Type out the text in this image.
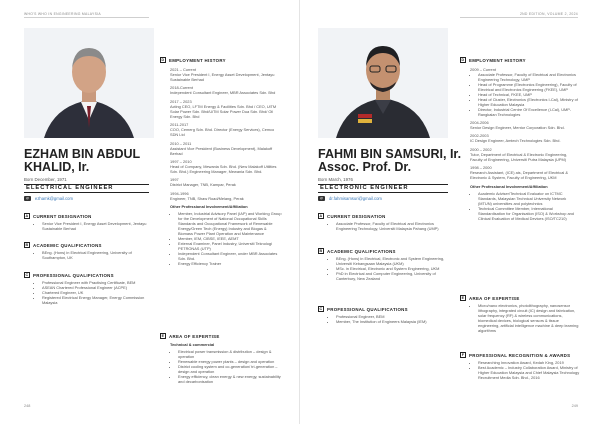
WHO'S WHO IN ENGINEERING MALAYSIA
EZHAM BIN ABDUL
KHALID, Ir.
Born December, 1971
ELECTRICAL ENGINEER
@	ezhamk@gmail.com
A	CURRENT DESIGNATION
• Senior Vice President I, Energy Asset Development, Jentayu Sustainable Berhad
B	ACADEMIC QUALIFICATIONS
• BEng. (Hons) in Electrical Engineering, University of Southampton, UK
C	PROFESSIONAL QUALIFICATIONS
• Professional Engineer with Practising Certificate, BEM
• ASEAN Chartered Professional Engineer (ACPE)
• Chartered Engineer, UK
• Registered Electrical Energy Manager, Energy Commission Malaysia
D	EMPLOYMENT HISTORY

2021 – Current
Senior Vice President I, Energy Asset Development, Jentayu Sustainable Berhad

2018-Current
Independent Consultant Engineer, MBR Associates Sdn. Bhd

2017 – 2023
Acting CEO, LFTM Energy & Facilities Sdn. Bhd / CEO, UiTM Solar Power Sdn. Bhd/UiTM Solar Power Dua Sdn. Bhd/ Oil Energy Sdn. Bhd

2011-2017
COO, Cemerg Sdn. Bhd. Director (Energy Services), Cemco SDN Ltd

2010 – 2011
Assistant Vice President (Business Development), Malakoff Berhad

1997 – 2010
Head of Company, Mewania Sdn. Bhd. (New Malakoff Utilities Sdn. Bhd.) Engineering Manager, Mewania Sdn. Bhd.

1997
District Manager, TNB, Kampar, Perak

1994-1996
Engineer, TNB, Shaw Road/Melang, Perak

Other Professional Involvement/Affiliation
• Member, Industrial Advisory Panel (IAP) and Working Group for the Development of National Occupational Skills Standards and Occupational Framework of Renewable Energy/Green Tech (Energy) Industry and Biogas & Biomass Power Plant Operation and Maintenance
• Member, IEM, CIBSE, IEEE, AEMT
• External Examiner, Panel Industry, Universiti Teknologi PETRONAS (UTP)
• Independent Consultant Engineer, under MBR Associates Sdn. Bhd.
• Energy Efficiency Trainer
E	AREA OF EXPERTISE
Technical & commercial
• Electrical power transmission & distribution – design & operation
• Renewable energy power plants – design and operation
• District cooling system and co-generation/ tri-generation – design and operation
• Energy efficiency, clean energy & new energy, sustainability and decarbonisation
248
2ND EDITION, VOLUME 2, 2024
FAHMI BIN SAMSURI, Ir.
Assoc. Prof. Dr.
Born March, 1976
ELECTRONIC ENGINEER
@	dr.fahmisamsuri@gmail.com
A	CURRENT DESIGNATION
• Associate Professor, Faculty of Electrical and Electronics Engineering Technology, Universiti Malaysia Pahang (UMP)
B	ACADEMIC QUALIFICATIONS
• BEng. (Hons) in Electrical, Electronic and System Engineering, Universiti Kebangsaan Malaysia (UKM)
• MSc. in Electrical, Electronic and System Engineering, UKM
• PhD in Electrical and Computer Engineering, University of Canterbury, New Zealand
C	PROFESSIONAL QUALIFICATIONS
• Professional Engineer, BEM
• Member, The Institution of Engineers Malaysia (IEM)
D	EMPLOYMENT HISTORY

2009 – Current

• Associate Professor, Faculty of Electrical and Electronics Engineering Technology, UMP
• Head of Programme (Electronics Engineering), Faculty of Electrical and Electronics Engineering (FKEE), UMP
• Head of Technical, FKEE, UMP
• Head of Cluster, Electronics (Electronics I-Cal), Ministry of Higher Education Malaysia
• Director, Industrial Centre Of Excellence (I-Cal), UMP-Rangkaian Technologies

2004-2006
Senior Design Engineer, Mentor Corporation Sdn. Bhd.

2002-2003
IC Design Engineer, Amtech Technologies Sdn. Bhd.

2000 – 2002
Tutor, Department of Electrical & Electronic Engineering, Faculty of Engineering, Universiti Putra Malaysia (UPM)

1998 – 2000
Research Assistant, (ICE) ais, Department of Electrical & Electronic & System, Faculty of Engineering, UKM

Other Professional Involvement/Affiliation
• Academic Adviser/Technical Evaluator on ICTMC Standards, Malaysian Technical University Network (MTUN) universities and polytechnics
• Technical Committee Member, International Standardisation for Organisation (ISO) & Workshop and Clinical Evaluation of Medical Devices (ISO/TC210)
E	AREA OF EXPERTISE
• Micro/nano electronics, photolithography, nanosensor lithography, integrated circuit (IC) design and fabrication, solar frequency (RF) & wireless communications, biomedical devices, biological sensors & tissue engineering, artificial intelligence machine & deep learning algorithms
F	PROFESSIONAL RECOGNITION & AWARDS
• Researching Innovation Award, Kedah King, 2019
• Best Academic – Industry Collaboration Award, Ministry of Higher Education Malaysia and Chief Malaysia Technology Recruitment Media Sdn. Bhd., 2016
249
